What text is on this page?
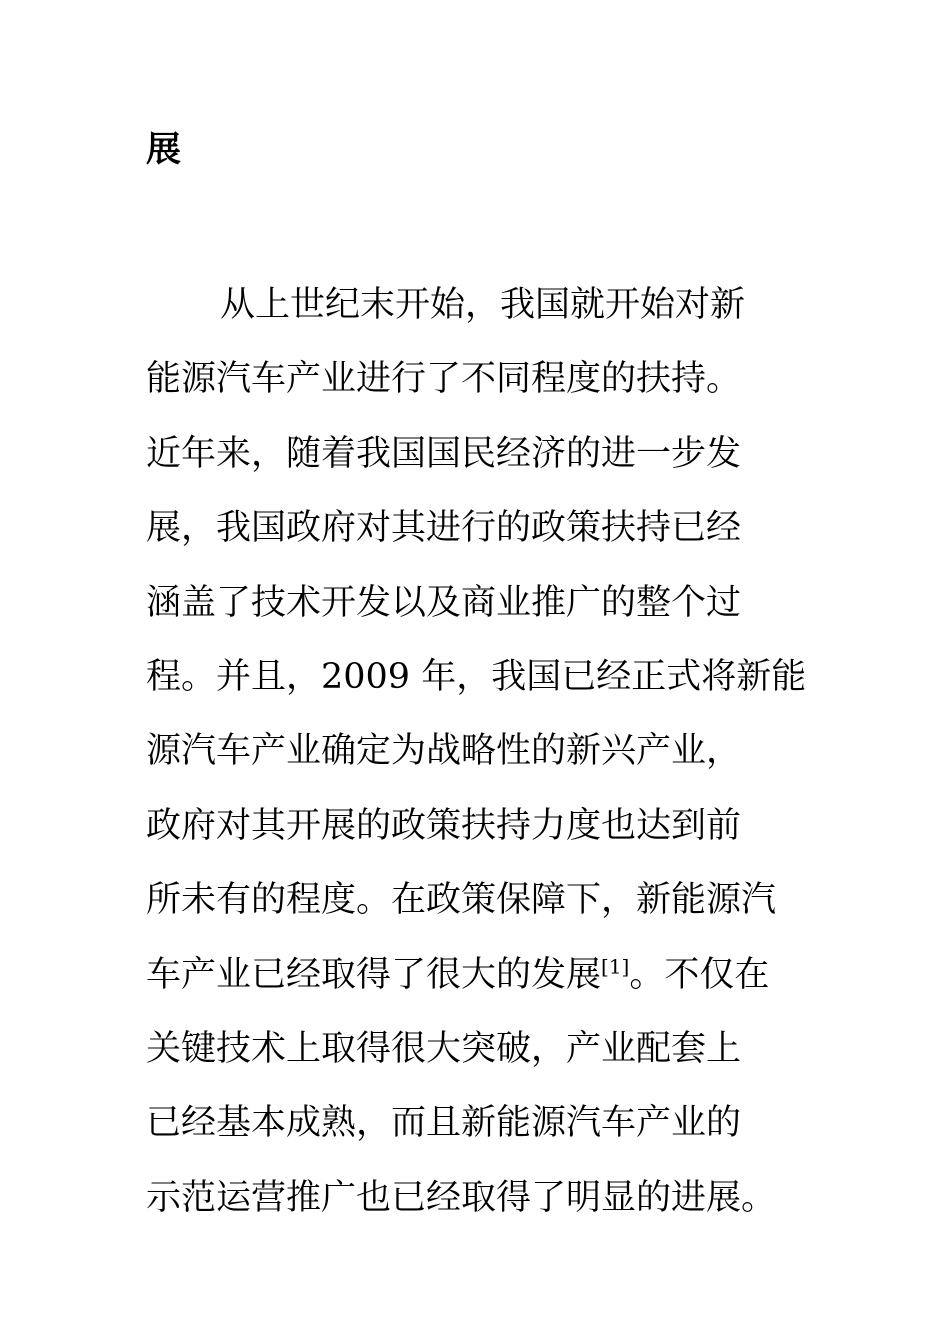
展
从上世纪末开始，我国就开始对新
能源汽车产业进行了不同程度的扶持。
近年来，随着我国国民经济的进一步发
展，我国政府对其进行的政策扶持已经
涵盖了技术开发以及商业推广的整个过
程。并且，2009 年，我国已经正式将新能
源汽车产业确定为战略性的新兴产业，
政府对其开展的政策扶持力度也达到前
所未有的程度。在政策保障下，新能源汽
车产业已经取得了很大的发展[1]。不仅在
关键技术上取得很大突破，产业配套上
已经基本成熟，而且新能源汽车产业的
示范运营推广也已经取得了明显的进展。
